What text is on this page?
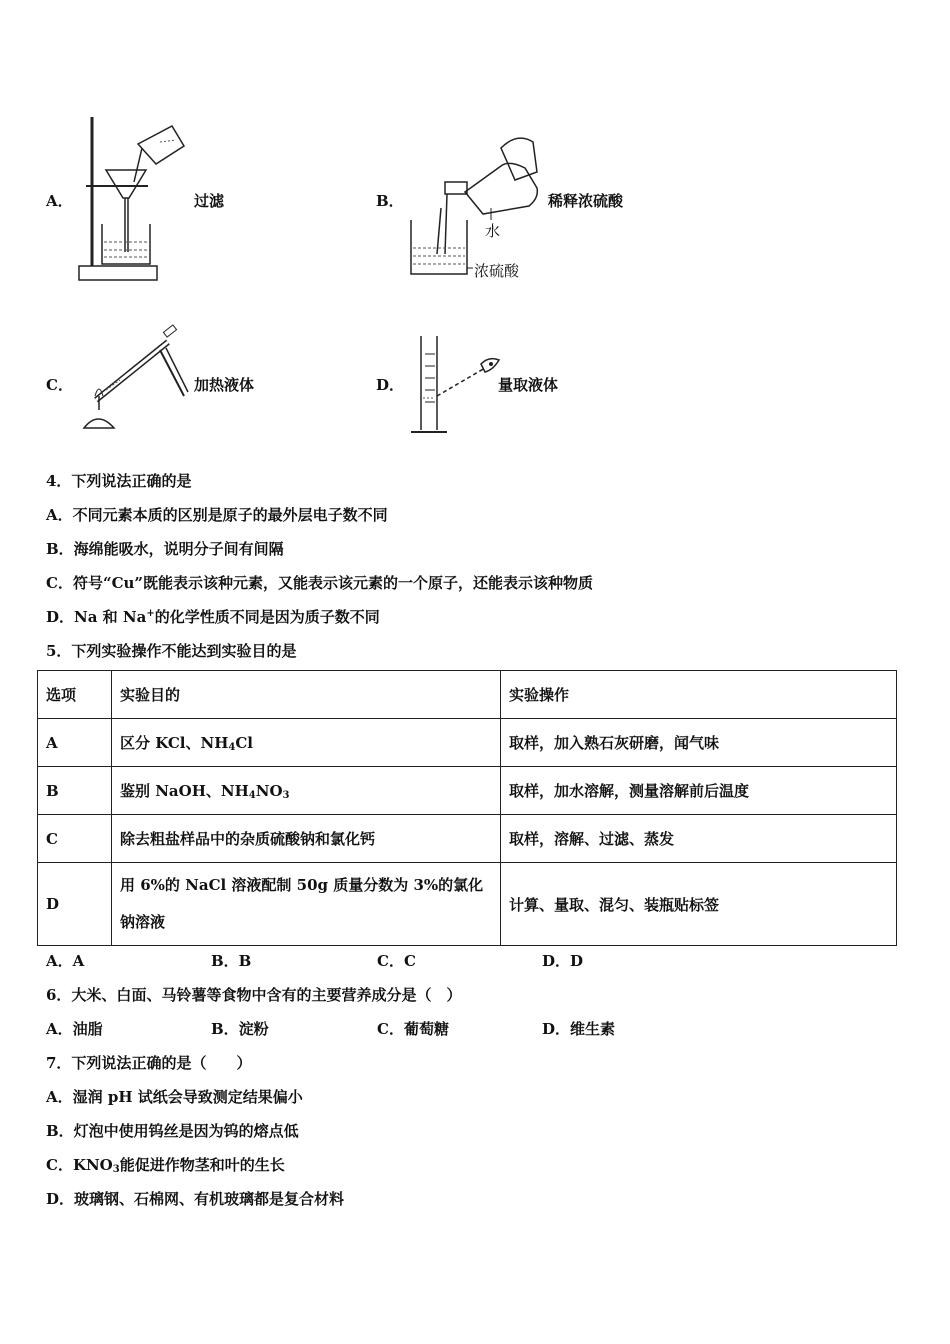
A．	过滤	B．
水
浓硫酸
稀释浓硫酸
C．	加热液体	D．	量取液体
4．下列说法正确的是
A．不同元素本质的区别是原子的最外层电子数不同
B．海绵能吸水，说明分子间有间隔
C．符号“Cu”既能表示该种元素，又能表示该元素的一个原子，还能表示该种物质
D．Na 和 Na+的化学性质不同是因为质子数不同
5．下列实验操作不能达到实验目的是
选项	实验目的	实验操作
A	区分 KCl、$NH_4Cl$	取样，加入熟石灰研磨，闻气味
B	鉴别 NaOH、$NH_4NO_3$	取样，加水溶解，测量溶解前后温度
C	除去粗盐样品中的杂质硫酸钠和氯化钙	取样，溶解、过滤、蒸发
D	用 6%的 NaCl 溶液配制 50g 质量分数为 3%的氯化
钠溶液	计算、量取、混匀、装瓶贴标签
A．A	B．B	C．C	D．D
6．大米、白面、马铃薯等食物中含有的主要营养成分是（　）
A．油脂	B．淀粉	C．葡萄糖	D．维生素
7．下列说法正确的是（　　）
A．湿润 pH 试纸会导致测定结果偏小
B．灯泡中使用钨丝是因为钨的熔点低
C．$KNO_3$能促进作物茎和叶的生长
D．玻璃钢、石棉网、有机玻璃都是复合材料
